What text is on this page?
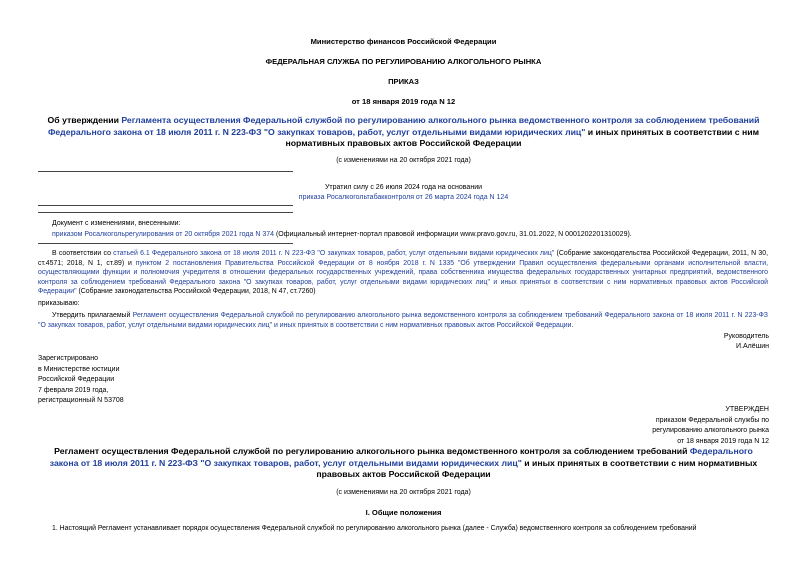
Министерство финансов Российской Федерации
ФЕДЕРАЛЬНАЯ СЛУЖБА ПО РЕГУЛИРОВАНИЮ АЛКОГОЛЬНОГО РЫНКА
ПРИКАЗ
от 18 января 2019 года N 12
Об утверждении Регламента осуществления Федеральной службой по регулированию алкогольного рынка ведомственного контроля за соблюдением требований
Федерального закона от 18 июля 2011 г. N 223-ФЗ "О закупках товаров, работ, услуг отдельными видами юридических лиц" и иных принятых в соответствии с ним
нормативных правовых актов Российской Федерации
(с изменениями на 20 октября 2021 года)
Утратил силу с 26 июля 2024 года на основании
приказа Росалкогольтабакконтроля от 26 марта 2024 года N 124
Документ с изменениями, внесенными:
приказом Росалкогольрегулирования от 20 октября 2021 года N 374 (Официальный интернет-портал правовой информации www.pravo.gov.ru, 31.01.2022, N 0001202201310029).
В соответствии со статьей 6.1 Федерального закона от 18 июля 2011 г. N 223-ФЗ "О закупках товаров, работ, услуг отдельными видами юридических лиц" (Собрание законодательства Российской Федерации, 2011, N 30, ст.4571; 2018, N 1, ст.89) и пунктом 2 постановления Правительства Российской Федерации от 8 ноября 2018 г. N 1335 "Об утверждении Правил осуществления федеральными органами исполнительной власти, осуществляющими функции и полномочия учредителя в отношении федеральных государственных учреждений, права собственника имущества федеральных государственных унитарных предприятий, ведомственного контроля за соблюдением требований Федерального закона "О закупках товаров, работ, услуг отдельными видами юридических лиц" и иных принятых в соответствии с ним нормативных правовых актов Российской Федерации" (Собрание законодательства Российской Федерации, 2018, N 47, ст.7260)
приказываю:
Утвердить прилагаемый Регламент осуществления Федеральной службой по регулированию алкогольного рынка ведомственного контроля за соблюдением требований Федерального закона от 18 июля 2011 г. N 223-ФЗ "О закупках товаров, работ, услуг отдельными видами юридических лиц" и иных принятых в соответствии с ним нормативных правовых актов Российской Федерации.
Руководитель
И.Алёшин
Зарегистрировано
в Министерстве юстиции
Российской Федерации
7 февраля 2019 года,
регистрационный N 53708
УТВЕРЖДЕН
приказом Федеральной службы по
регулированию алкогольного рынка
от 18 января 2019 года N 12
Регламент осуществления Федеральной службой по регулированию алкогольного рынка ведомственного контроля за соблюдением требований Федерального
закона от 18 июля 2011 г. N 223-ФЗ "О закупках товаров, работ, услуг отдельными видами юридических лиц" и иных принятых в соответствии с ним нормативных
правовых актов Российской Федерации
(с изменениями на 20 октября 2021 года)
I. Общие положения
1. Настоящий Регламент устанавливает порядок осуществления Федеральной службой по регулированию алкогольного рынка (далее - Служба) ведомственного контроля за соблюдением требований
